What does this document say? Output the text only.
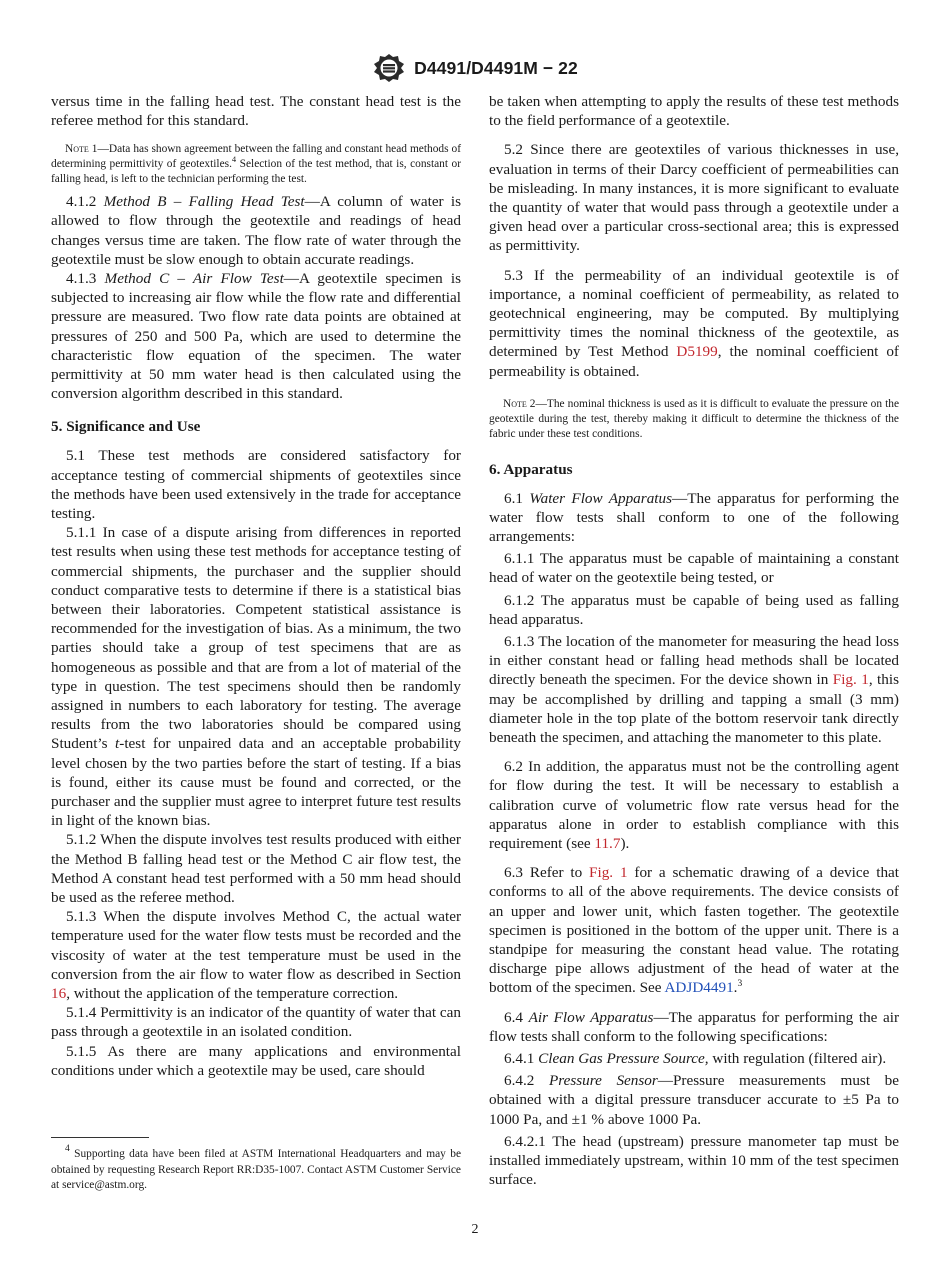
D4491/D4491M − 22

versus time in the falling head test. The constant head test is the referee method for this standard.

Note 1—Data has shown agreement between the falling and constant head methods of determining permittivity of geotextiles.$^4$ Selection of the test method, that is, constant or falling head, is left to the technician performing the test.

4.1.2 Method B – Falling Head Test—A column of water is allowed to flow through the geotextile and readings of head changes versus time are taken. The flow rate of water through the geotextile must be slow enough to obtain accurate readings.

4.1.3 Method C – Air Flow Test—A geotextile specimen is subjected to increasing air flow while the flow rate and differential pressure are measured. Two flow rate data points are obtained at pressures of 250 and 500 Pa, which are used to determine the characteristic flow equation of the specimen. The water permittivity at 50 mm water head is then calculated using the conversion algorithm described in this standard.

5. Significance and Use

5.1 These test methods are considered satisfactory for acceptance testing of commercial shipments of geotextiles since the methods have been used extensively in the trade for acceptance testing.

5.1.1 In case of a dispute arising from differences in reported test results when using these test methods for acceptance testing of commercial shipments, the purchaser and the supplier should conduct comparative tests to determine if there is a statistical bias between their laboratories. Competent statistical assistance is recommended for the investigation of bias. As a minimum, the two parties should take a group of test specimens that are as homogeneous as possible and that are from a lot of material of the type in question. The test specimens should then be randomly assigned in numbers to each laboratory for testing. The average results from the two laboratories should be compared using Student’s t-test for unpaired data and an acceptable probability level chosen by the two parties before the start of testing. If a bias is found, either its cause must be found and corrected, or the purchaser and the supplier must agree to interpret future test results in light of the known bias.

5.1.2 When the dispute involves test results produced with either the Method B falling head test or the Method C air flow test, the Method A constant head test performed with a 50 mm head should be used as the referee method.

5.1.3 When the dispute involves Method C, the actual water temperature used for the water flow tests must be recorded and the viscosity of water at the test temperature must be used in the conversion from the air flow to water flow as described in Section 16, without the application of the temperature correction.

5.1.4 Permittivity is an indicator of the quantity of water that can pass through a geotextile in an isolated condition.

5.1.5 As there are many applications and environmental conditions under which a geotextile may be used, care should

$^4$ Supporting data have been filed at ASTM International Headquarters and may be obtained by requesting Research Report RR:D35-1007. Contact ASTM Customer Service at service@astm.org.

be taken when attempting to apply the results of these test methods to the field performance of a geotextile.

5.2 Since there are geotextiles of various thicknesses in use, evaluation in terms of their Darcy coefficient of permeabilities can be misleading. In many instances, it is more significant to evaluate the quantity of water that would pass through a geotextile under a given head over a particular cross-sectional area; this is expressed as permittivity.

5.3 If the permeability of an individual geotextile is of importance, a nominal coefficient of permeability, as related to geotechnical engineering, may be computed. By multiplying permittivity times the nominal thickness of the geotextile, as determined by Test Method D5199, the nominal coefficient of permeability is obtained.

Note 2—The nominal thickness is used as it is difficult to evaluate the pressure on the geotextile during the test, thereby making it difficult to determine the thickness of the fabric under these test conditions.
6. Apparatus

6.1 Water Flow Apparatus—The apparatus for performing the water flow tests shall conform to one of the following arrangements:

6.1.1 The apparatus must be capable of maintaining a constant head of water on the geotextile being tested, or

6.1.2 The apparatus must be capable of being used as falling head apparatus.

6.1.3 The location of the manometer for measuring the head loss in either constant head or falling head methods shall be located directly beneath the specimen. For the device shown in Fig. 1, this may be accomplished by drilling and tapping a small (3 mm) diameter hole in the top plate of the bottom reservoir tank directly beneath the specimen, and attaching the manometer to this plate.

6.2 In addition, the apparatus must not be the controlling agent for flow during the test. It will be necessary to establish a calibration curve of volumetric flow rate versus head for the apparatus alone in order to establish compliance with this requirement (see 11.7).

6.3 Refer to Fig. 1 for a schematic drawing of a device that conforms to all of the above requirements. The device consists of an upper and lower unit, which fasten together. The geotextile specimen is positioned in the bottom of the upper unit. There is a standpipe for measuring the constant head value. The rotating discharge pipe allows adjustment of the head of water at the bottom of the specimen. See ADJD4491.$^3$

6.4 Air Flow Apparatus—The apparatus for performing the air flow tests shall conform to the following specifications:

6.4.1 Clean Gas Pressure Source, with regulation (filtered air).

6.4.2 Pressure Sensor—Pressure measurements must be obtained with a digital pressure transducer accurate to ±5 Pa to 1000 Pa, and ±1 % above 1000 Pa.

6.4.2.1 The head (upstream) pressure manometer tap must be installed immediately upstream, within 10 mm of the test specimen surface.

2
